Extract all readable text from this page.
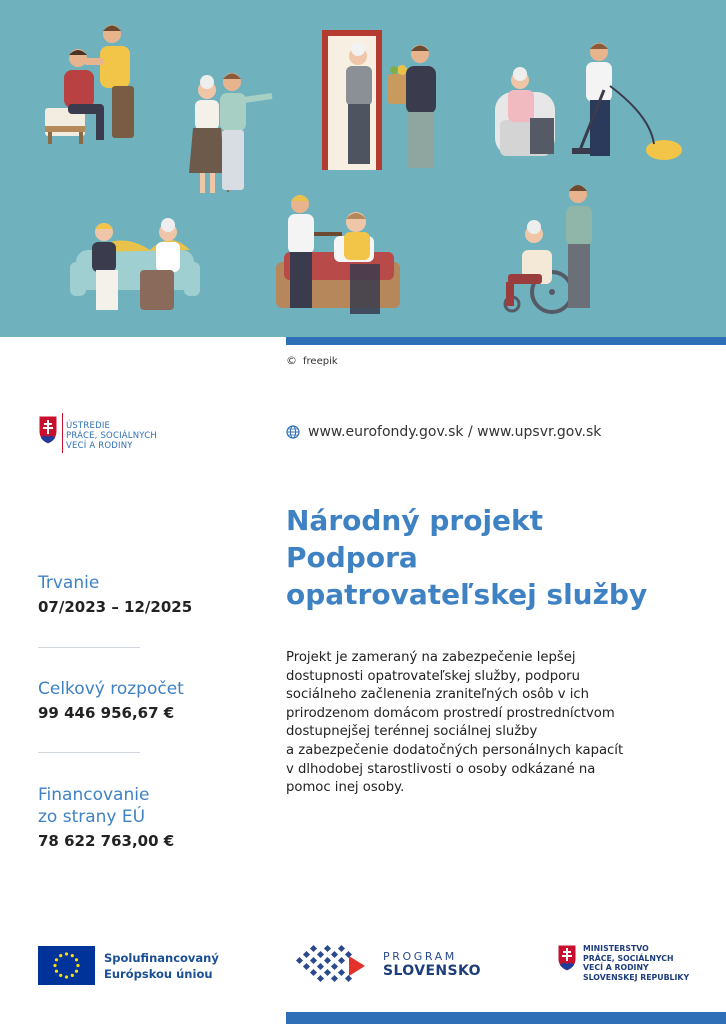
© freepik
ÚSTREDIE
PRÁCE, SOCIÁLNYCH
VECÍ A RODINY
www.eurofondy.gov.sk / www.upsvr.gov.sk
Národný projekt
Podpora
opatrovateľskej služby
Projekt je zameraný na zabezpečenie lepšej
dostupnosti opatrovateľskej služby, podporu
sociálneho začlenenia zraniteľných osôb v ich
prirodzenom domácom prostredí prostredníctvom
dostupnejšej terénnej sociálnej služby
a zabezpečenie dodatočných personálnych kapacít
v dlhodobej starostlivosti o osoby odkázané na
pomoc inej osoby.
Trvanie
07/2023 – 12/2025
Celkový rozpočet
99 446 956,67 €
Financovanie
zo strany EÚ
78 622 763,00 €
Spolufinancovaný
Európskou úniou
PROGRAM
SLOVENSKO
MINISTERSTVO
PRÁCE, SOCIÁLNYCH
VECÍ A RODINY
SLOVENSKEJ REPUBLIKY
